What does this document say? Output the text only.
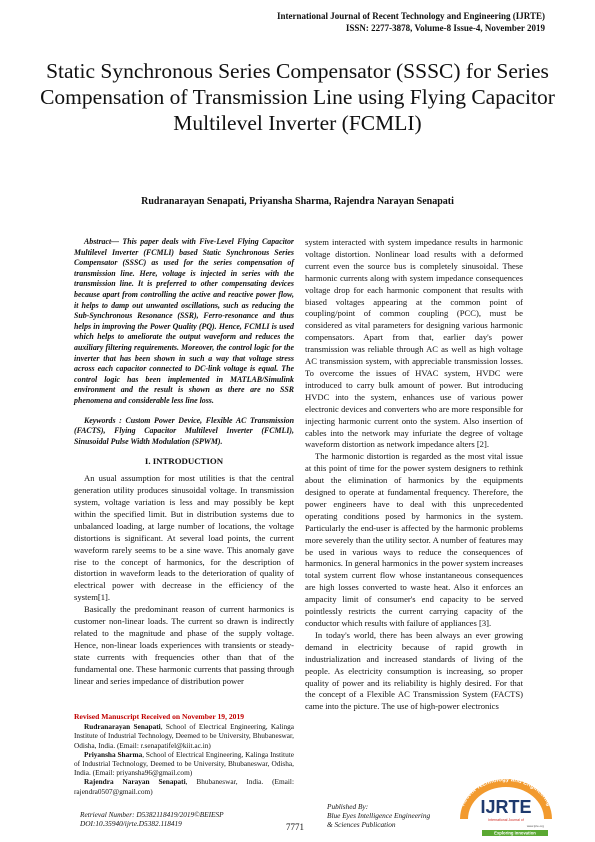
International Journal of Recent Technology and Engineering (IJRTE)
ISSN: 2277-3878, Volume-8 Issue-4, November 2019
Static Synchronous Series Compensator (SSSC) for Series Compensation of Transmission Line using Flying Capacitor Multilevel Inverter (FCMLI)
Rudranarayan Senapati, Priyansha Sharma, Rajendra Narayan Senapati

Abstract— This paper deals with Five-Level Flying Capacitor Multilevel Inverter (FCMLI) based Static Synchronous Series Compensator (SSSC) as used for the series compensation of transmission line. Here, voltage is injected in series with the transmission line. It is preferred to other compensating devices because apart from controlling the active and reactive power flow, it helps to damp out unwanted oscillations, such as reducing the Sub-Synchronous Resonance (SSR), Ferro-resonance and thus helps in improving the Power Quality (PQ). Hence, FCMLI is used which helps to ameliorate the output waveform and reduces the auxiliary filtering requirements. Moreover, the control logic for the inverter that has been shown in such a way that voltage stress across each capacitor connected to DC-link voltage is equal. The control logic has been implemented in MATLAB/Simulink environment and the result is shown as there are no SSR phenomena and considerable less line loss.

Keywords : Custom Power Device, Flexible AC Transmission (FACTS), Flying Capacitor Multilevel Inverter (FCMLI), Sinusoidal Pulse Width Modulation (SPWM).

I. INTRODUCTION

An usual assumption for most utilities is that the central generation utility produces sinusoidal voltage. In transmission system, voltage variation is less and may possibly be kept within the specified limit. But in distribution systems due to unbalanced loading, at large number of locations, the voltage distortions is significant. At several load points, the current waveform rarely seems to be a sine wave. This anomaly gave rise to the concept of harmonics, for the description of distortion in waveform leads to the deterioration of quality of electrical power with decrease in the efficiency of the system[1].

Basically the predominant reason of current harmonics is customer non-linear loads. The current so drawn is indirectly related to the magnitude and phase of the supply voltage. Hence, non-linear loads experiences with transients or steady-state currents with frequencies other than that of the fundamental one. These harmonic currents that passing through linear and series impedance of distribution power

Revised Manuscript Received on November 19, 2019

Rudranarayan Senapati, School of Electrical Engineering, Kalinga Institute of Industrial Technology, Deemed to be University, Bhubaneswar, Odisha, India. (Email: r.senapatifel@kiit.ac.in)

Priyansha Sharma, School of Electrical Engineering, Kalinga Institute of Industrial Technology, Deemed to be University, Bhubaneswar, Odisha, India. (Email: priyansha96@gmail.com)

Rajendra Narayan Senapati, Bhubaneswar, India. (Email: rajendra0507@gmail.com)

system interacted with system impedance results in harmonic voltage distortion. Nonlinear load results with a deformed current even the source bus is completely sinusoidal. These harmonic currents along with system impedance consequences voltage drop for each harmonic component that results with biased voltages appearing at the common point of coupling/point of common coupling (PCC), must be considered as vital parameters for designing various harmonic compensators. Apart from that, earlier day's power transmission was reliable through AC as well as high voltage AC transmission system, with appreciable transmission losses. To overcome the issues of HVAC system, HVDC were introduced to carry bulk amount of power. But introducing HVDC into the system, enhances use of various power electronic devices and converters who are more responsible for injecting harmonic current onto the system. Also insertion of cables into the network may infuriate the degree of voltage waveform distortion as network impedance alters [2].

The harmonic distortion is regarded as the most vital issue at this point of time for the power system designers to rethink about the elimination of harmonics by the equipments designed to operate at fundamental frequency. Therefore, the power engineers have to deal with this unprecedented operating conditions posed by harmonics in the system. Particularly the end-user is affected by the harmonic problems more severely than the utility sector. A number of features may be used in various ways to reduce the consequences of harmonics. In general harmonics in the power system increases total system current flow whose instantaneous consequences are high losses converted to waste heat. Also it enforces an ampacity limit of consumer's end capacity to be served pointlessly restricts the current carrying capacity of the conductor which results with failure of appliances [3].

In today's world, there has been always an ever growing demand in electricity because of rapid growth in industrialization and increased standards of living of the people. As electricity consumption is increasing, so proper quality of power and its reliability is highly desired. For that the concept of a Flexible AC Transmission System (FACTS) came into the picture. The use of high-power electronics

Retrieval Number: D5382118419/2019©BEIESP
DOI:10.35940/ijrte.D5382.118419	7771
Published By:
Blue Eyes Intelligence Engineering
& Sciences Publication
Recent Technology and Engineering
IJRTE
International Journal of
www.ijrte.org
Exploring Innovation
